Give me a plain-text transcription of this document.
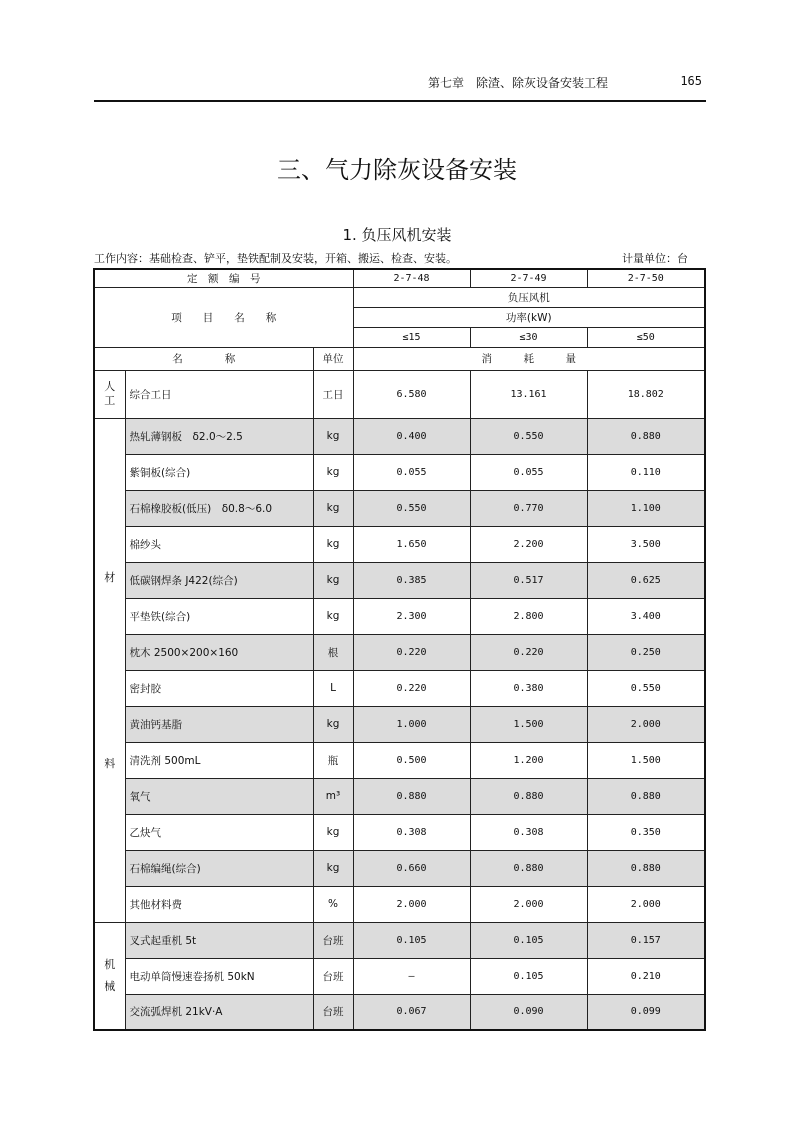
第七章　除渣、除灰设备安装工程	165
三、气力除灰设备安装
1. 负压风机安装
工作内容：基础检查、铲平，垫铁配制及安装，开箱、搬运、检查、安装。	计量单位：台
定　额　编　号			2-7-48	2-7-49	2-7-50
项　　目　　名　　称			负压风机		
			功率(kW)		
			≤15	≤30	≤50
名　　　　称		单位	消　　　耗　　　量		
人工	综合工日	工日	6.580	13.161	18.802

材
料	热轧薄钢板　δ2.0～2.5	kg	0.400	0.550	0.880
	紫铜板(综合)	kg	0.055	0.055	0.110
	石棉橡胶板(低压)　δ0.8～6.0	kg	0.550	0.770	1.100
	棉纱头	kg	1.650	2.200	3.500
	低碳钢焊条 J422(综合)	kg	0.385	0.517	0.625
	平垫铁(综合)	kg	2.300	2.800	3.400
	枕木 2500×200×160	根	0.220	0.220	0.250
	密封胶	L	0.220	0.380	0.550
	黄油钙基脂	kg	1.000	1.500	2.000
	清洗剂 500mL	瓶	0.500	1.200	1.500
	氧气	m³	0.880	0.880	0.880
	乙炔气	kg	0.308	0.308	0.350
	石棉编绳(综合)	kg	0.660	0.880	0.880
	其他材料费	%	2.000	2.000	2.000
机械	叉式起重机 5t	台班	0.105	0.105	0.157
	电动单筒慢速卷扬机 50kN	台班	—	0.105	0.210
	交流弧焊机 21kV·A	台班	0.067	0.090	0.099
